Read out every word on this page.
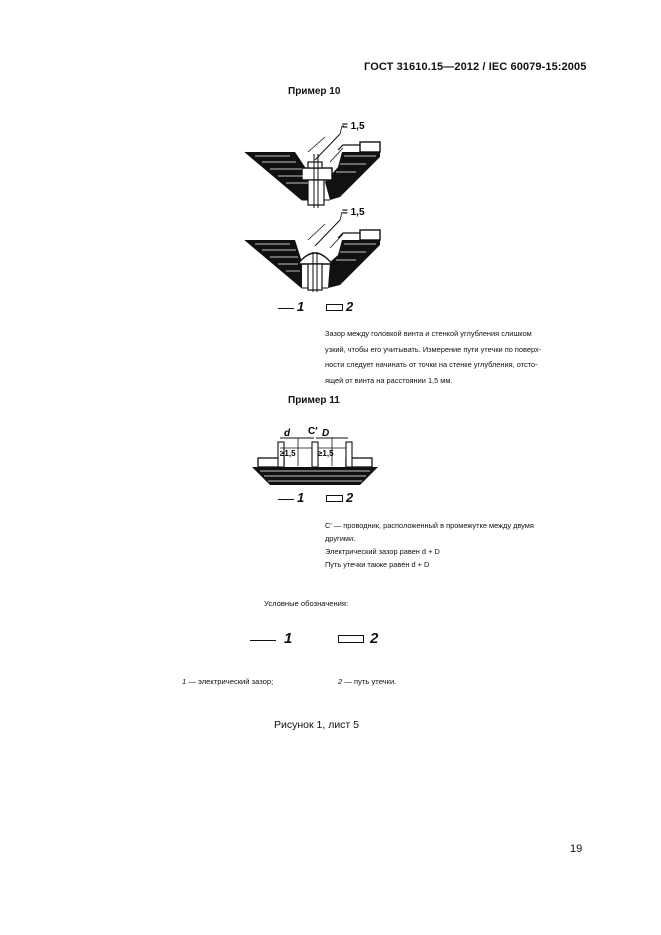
ГОСТ 31610.15—2012 / IEC 60079-15:2005
Пример 10
= 1,5
= 1,5
1	2
Зазор между головкой винта и стенкой углубления слишком
узкий, чтобы его учитывать. Измерение пути утечки по поверх-
ности следует начинать от точки на стенке углубления, отсто-
ящей от винта на расстоянии 1,5 мм.
Пример 11
d C′ D
≥1,5	≥1,5
1	2
С′ — проводник, расположенный в промежутке между двумя
другими.
Электрический зазор равен d + D
Путь утечки также равен d + D
Условные обозначения:
1	2
1 — электрический зазор;	2 — путь утечки.
Рисунок 1, лист 5
19
